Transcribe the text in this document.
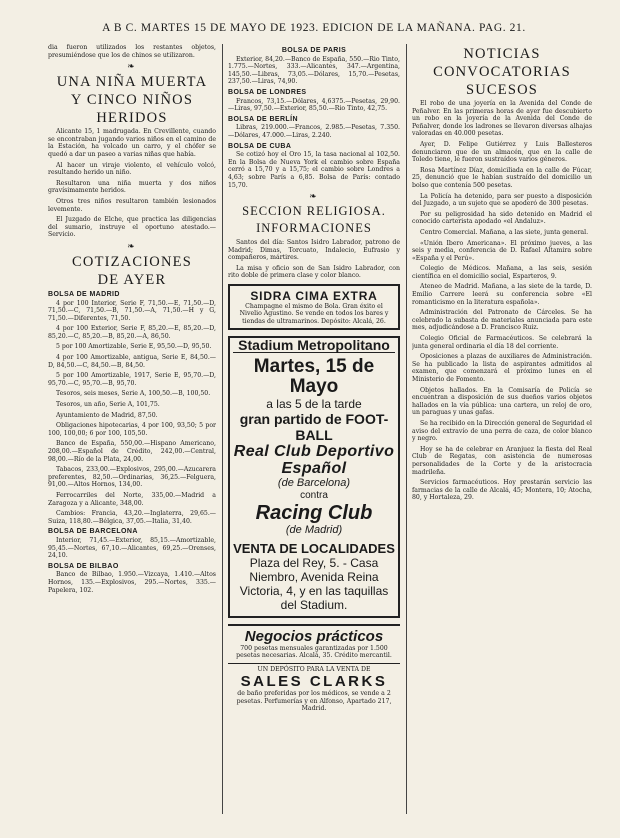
A B C. MARTES 15 DE MAYO DE 1923. EDICION DE LA MAÑANA. PAG. 21.

dia fueron utilizados los restantes objetos, presumiéndose que los de chinos se utilizaron.

❧
UNA NIÑA MUERTA
Y CINCO NIÑOS
HERIDOS

Alicante 15, 1 madrugada. En Crevillente, cuando se encontraban jugando varios niños en el camino de la Estación, ha volcado un carro, y el chófer se quedó a dar un paseo a varias niñas que había.

Al hacer un viraje violento, el vehículo volcó, resultando herido un niño.

Resultaron una niña muerta y dos niños gravísimamente heridos.

Otros tres niños resultaron también lesionados levemente.

El Juzgado de Elche, que practica las diligencias del sumario, instruye el oportuno atestado.—Servicio.

❧
COTIZACIONES
DE AYER
BOLSA DE MADRID

4 por 100 Interior, Serie F, 71,50.—E, 71,50.—D, 71,50.—C, 71,50.—B, 71,50.—A, 71,50.—H y G, 71,50.—Diferentes, 71,50.

4 por 100 Exterior, Serie F, 85,20.—E, 85,20.—D, 85,20.—C, 85,20.—B, 85,20.—A, 86,50.

5 por 100 Amortizable, Serie E, 95,50.—D, 95,50.

4 por 100 Amortizable, antigua, Serie E, 84,50.—D, 84,50.—C, 84,50.—B, 84,50.

5 por 100 Amortizable, 1917, Serie E, 95,70.—D, 95,70.—C, 95,70.—B, 95,70.

Tesoros, seis meses, Serie A, 100,50.—B, 100,50.

Tesoros, un año, Serie A, 101,75.

Ayuntamiento de Madrid, 87,50.

Obligaciones hipotecarias, 4 por 100, 93,50; 5 por 100, 100,00; 6 por 100, 105,50.

Banco de España, 550,00.—Hispano Americano, 208,00.—Español de Crédito, 242,00.—Central, 98,00.—Río de la Plata, 24,00.

Tabacos, 233,00.—Explosivos, 295,00.—Azucarera preferentes, 82,50.—Ordinarias, 36,25.—Felguera, 91,00.—Altos Hornos, 134,00.

Ferrocarriles del Norte, 335,00.—Madrid a Zaragoza y a Alicante, 348,00.

Cambios: Francia, 43,20.—Inglaterra, 29,65.—Suiza, 118,80.—Bélgica, 37,05.—Italia, 31,40.

BOLSA DE BARCELONA

Interior, 71,45.—Exterior, 85,15.—Amortizable, 95,45.—Nortes, 67,10.—Alicantes, 69,25.—Orenses, 24,10.

BOLSA DE BILBAO

Banco de Bilbao, 1.950.—Vizcaya, 1.410.—Altos Hornos, 135.—Explosivos, 295.—Nortes, 335.—Papelera, 102.

BOLSA DE PARIS

Exterior, 84,20.—Banco de España, 550.—Rio Tinto, 1.775.—Nortes, 333.—Alicantes, 347.—Argentina, 145,50.—Libras, 73,05.—Dólares, 15,70.—Pesetas, 237,50.—Liras, 74,90.

BOLSA DE LONDRES

Francos, 73,15.—Dólares, 4,6375.—Pesetas, 29,90.—Liras, 97,50.—Exterior, 85,50.—Rio Tinto, 42,75.

BOLSA DE BERLÍN

Libras, 219.000.—Francos, 2.985.—Pesetas, 7.350.—Dólares, 47.000.—Liras, 2.240.

BOLSA DE CUBA

Se cotizó hoy el Oro 15, la tasa nacional al 102,50. En la Bolsa de Nueva York el cambio sobre España cerró a 15,70 y a 15,75; el cambio sobre Londres a 4,63; sobre París a 6,85. Bolsa de París: contado 15,70.

❧
SECCION RELIGIOSA.
INFORMACIONES

Santos del día: Santos Isidro Labrador, patrono de Madrid; Dimas, Torcuato, Indalecio, Eufrasio y compañeros, mártires.

La misa y oficio son de San Isidro Labrador, con rito doble de primera clase y color blanco.

SIDRA CIMA EXTRA
Champagne el mismo de Bola. Gran éxito el Nivelio Agustino. Se vende en todos los bares y tiendas de ultramarinos. Depósito: Alcalá, 26.
Stadium Metropolitano
Martes, 15 de Mayo
a las 5 de la tarde
gran partido de FOOT-BALL
Real Club Deportivo Español
(de Barcelona)
contra
Racing Club
(de Madrid)
VENTA DE LOCALIDADES
Plaza del Rey, 5. - Casa Niembro, Avenida Reina Victoria, 4, y en las taquillas del Stadium.
Negocios prácticos
700 pesetas mensuales garantizadas por 1.500 pesetas necesarias. Alcalá, 35. Crédito mercantil.
UN DEPÓSITO PARA LA VENTA DE
SALES CLARKS
de baño preferidas por los médicos, se vende a 2 pesetas. Perfumerías y en Alfonso, Apartado 217, Madrid.
NOTICIAS
CONVOCATORIAS
SUCESOS

El robo de una joyería en la Avenida del Conde de Peñalver. En las primeras horas de ayer fue descubierto un robo en la joyería de la Avenida del Conde de Peñalver, donde los ladrones se llevaron diversas alhajas valoradas en 40.000 pesetas.

Ayer, D. Felipe Gutiérrez y Luis Ballesteros denunciaron que de un almacén, que en la calle de Toledo tiene, le fueron sustraídos varios géneros.

Rosa Martínez Díaz, domiciliada en la calle de Fúcar, 25, denunció que le habían sustraído del domicilio un bolso que contenía 500 pesetas.

La Policía ha detenido, para ser puesto a disposición del Juzgado, a un sujeto que se apoderó de 300 pesetas.

Por su peligrosidad ha sido detenido en Madrid el conocido carterista apodado «el Andaluz».

Centro Comercial. Mañana, a las siete, junta general.

«Unión Ibero Americana». El próximo jueves, a las seis y media, conferencia de D. Rafael Altamira sobre «España y el Perú».

Colegio de Médicos. Mañana, a las seis, sesión científica en el domicilio social, Esparteros, 9.

Ateneo de Madrid. Mañana, a las siete de la tarde, D. Emilio Carrere leerá su conferencia sobre «El romanticismo en la literatura española».

Administración del Patronato de Cárceles. Se ha celebrado la subasta de materiales anunciada para este mes, adjudicándose a D. Francisco Ruiz.

Colegio Oficial de Farmacéuticos. Se celebrará la junta general ordinaria el día 18 del corriente.

Oposiciones a plazas de auxiliares de Administración. Se ha publicado la lista de aspirantes admitidos al examen, que comenzará el próximo lunes en el Ministerio de Fomento.

Objetos hallados. En la Comisaría de Policía se encuentran a disposición de sus dueños varios objetos hallados en la vía pública: una cartera, un reloj de oro, un paraguas y unas gafas.

Se ha recibido en la Dirección general de Seguridad el aviso del extravío de una perra de caza, de color blanco y negro.

Hoy se ha de celebrar en Aranjuez la fiesta del Real Club de Regatas, con asistencia de numerosas personalidades de la Corte y de la aristocracia madrileña.

Servicios farmacéuticos. Hoy prestarán servicio las farmacias de la calle de Alcalá, 45; Montera, 10; Atocha, 80, y Hortaleza, 29.
